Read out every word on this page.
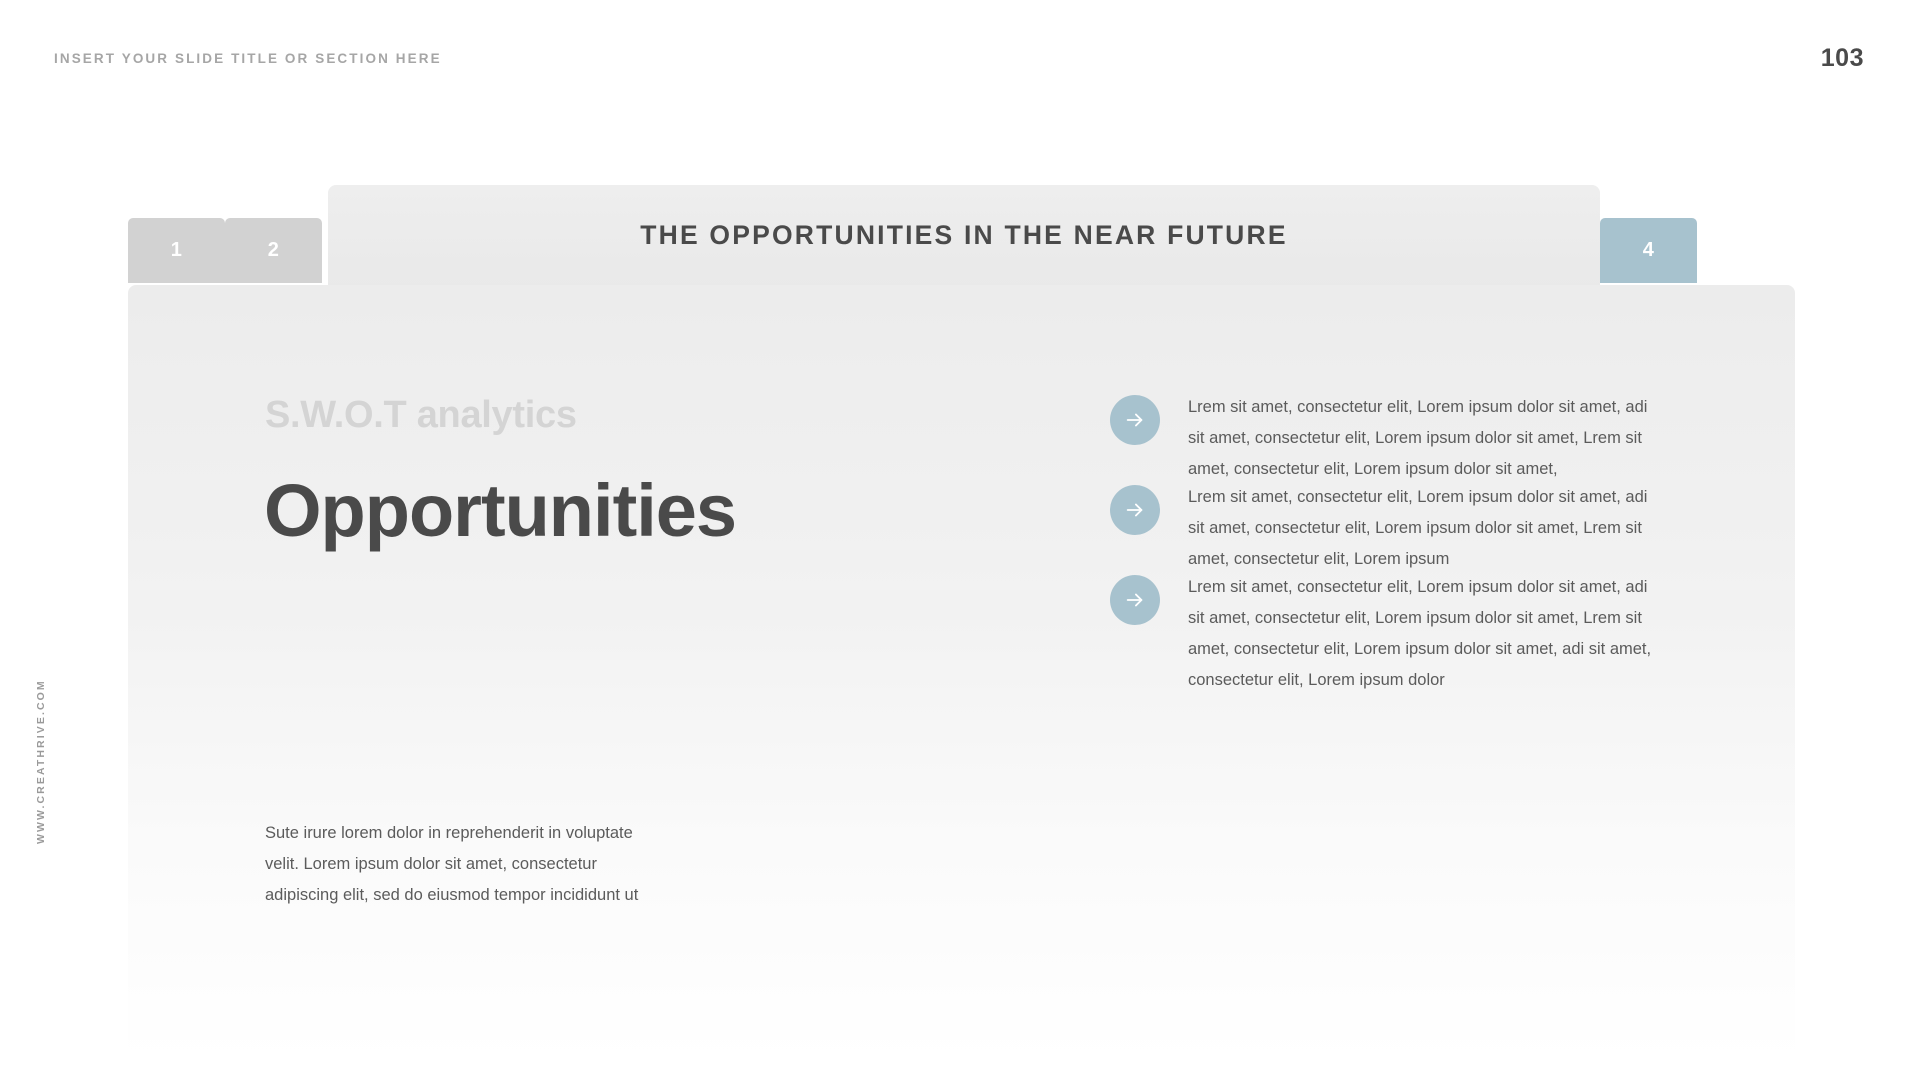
INSERT YOUR SLIDE TITLE OR SECTION HERE	103
WWW.CREATHRIVE.COM
1	2	4
THE OPPORTUNITIES IN THE NEAR FUTURE
S.W.O.T analytics
Opportunities
Sute irure lorem dolor in reprehenderit in voluptate velit. Lorem ipsum dolor sit amet, consectetur adipiscing elit, sed do eiusmod tempor incididunt ut
Lrem sit amet, consectetur elit, Lorem ipsum dolor sit amet, adi sit amet, consectetur elit, Lorem ipsum dolor sit amet, Lrem sit amet, consectetur elit, Lorem ipsum dolor sit amet,
Lrem sit amet, consectetur elit, Lorem ipsum dolor sit amet, adi sit amet, consectetur elit, Lorem ipsum dolor sit amet, Lrem sit amet, consectetur elit, Lorem ipsum
Lrem sit amet, consectetur elit, Lorem ipsum dolor sit amet, adi sit amet, consectetur elit, Lorem ipsum dolor sit amet, Lrem sit amet, consectetur elit, Lorem ipsum dolor sit amet, adi sit amet, consectetur elit, Lorem ipsum dolor
